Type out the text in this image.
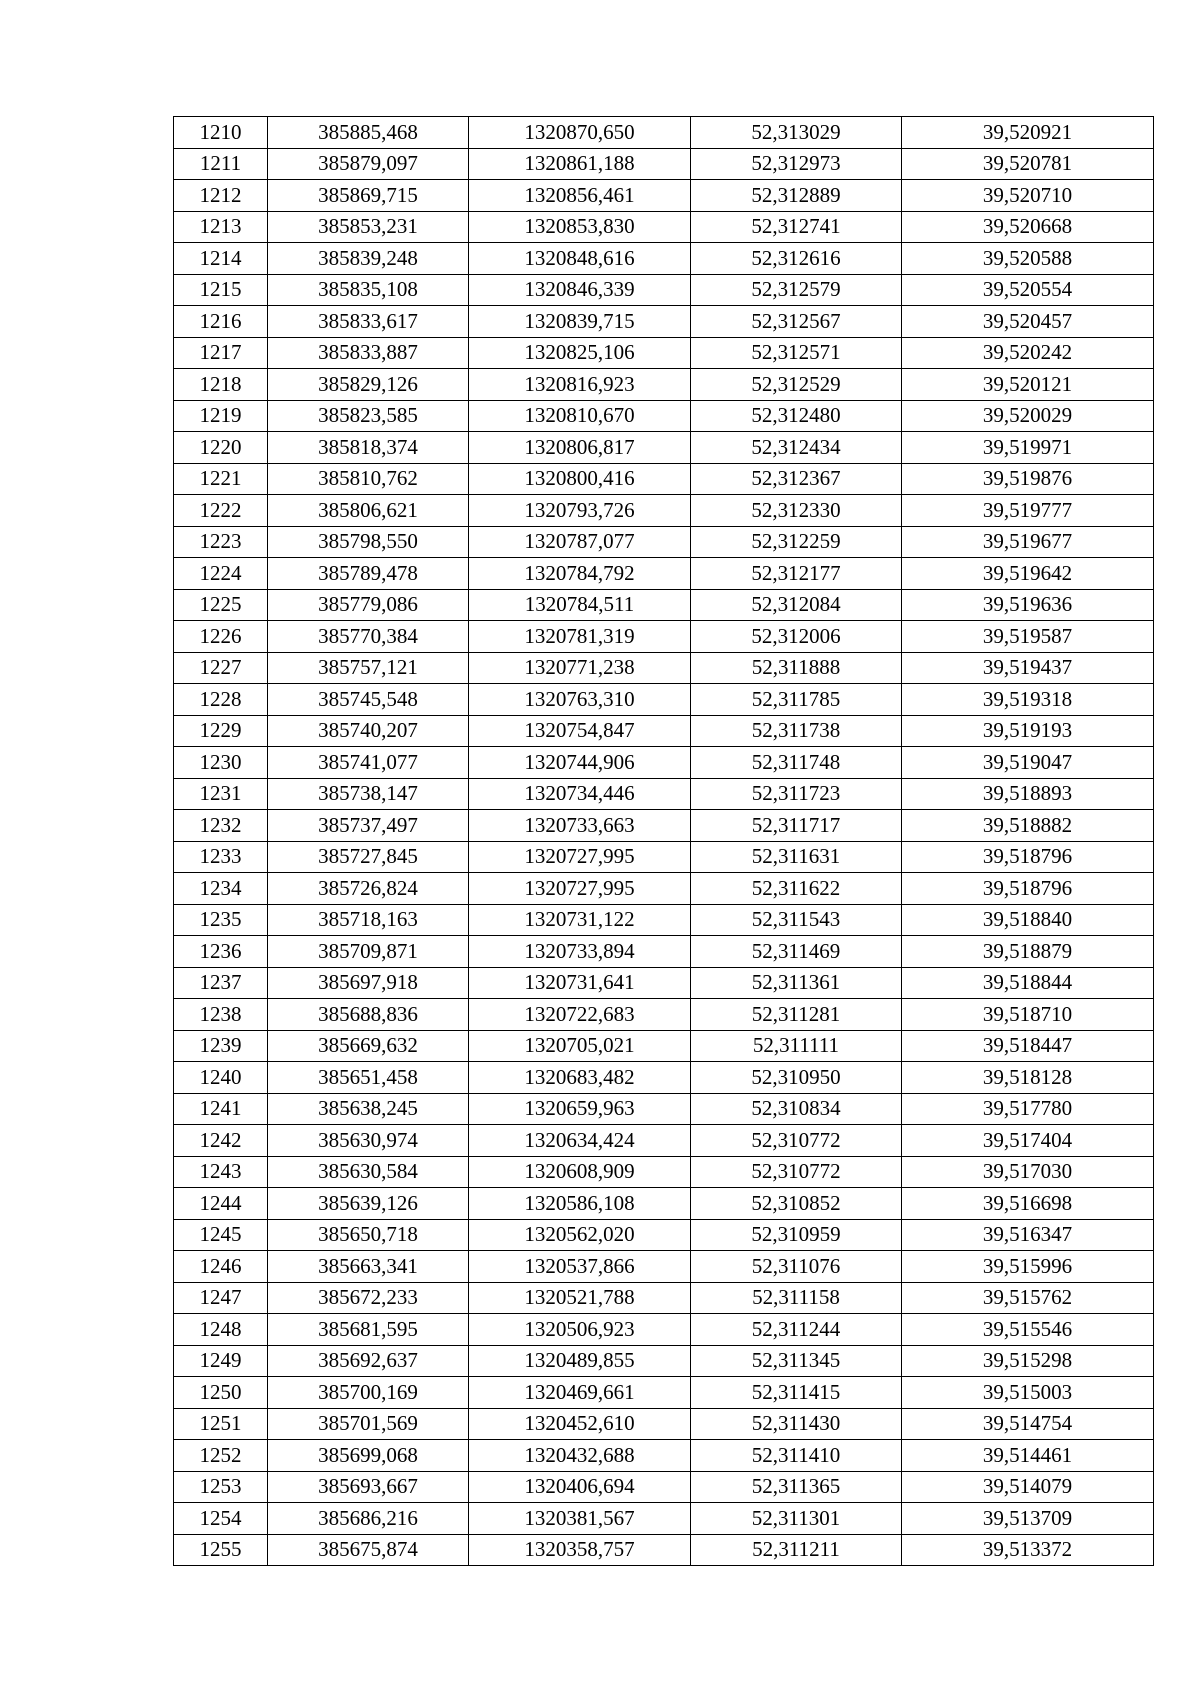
1210	385885,468	1320870,650	52,313029	39,520921
1211	385879,097	1320861,188	52,312973	39,520781
1212	385869,715	1320856,461	52,312889	39,520710
1213	385853,231	1320853,830	52,312741	39,520668
1214	385839,248	1320848,616	52,312616	39,520588
1215	385835,108	1320846,339	52,312579	39,520554
1216	385833,617	1320839,715	52,312567	39,520457
1217	385833,887	1320825,106	52,312571	39,520242
1218	385829,126	1320816,923	52,312529	39,520121
1219	385823,585	1320810,670	52,312480	39,520029
1220	385818,374	1320806,817	52,312434	39,519971
1221	385810,762	1320800,416	52,312367	39,519876
1222	385806,621	1320793,726	52,312330	39,519777
1223	385798,550	1320787,077	52,312259	39,519677
1224	385789,478	1320784,792	52,312177	39,519642
1225	385779,086	1320784,511	52,312084	39,519636
1226	385770,384	1320781,319	52,312006	39,519587
1227	385757,121	1320771,238	52,311888	39,519437
1228	385745,548	1320763,310	52,311785	39,519318
1229	385740,207	1320754,847	52,311738	39,519193
1230	385741,077	1320744,906	52,311748	39,519047
1231	385738,147	1320734,446	52,311723	39,518893
1232	385737,497	1320733,663	52,311717	39,518882
1233	385727,845	1320727,995	52,311631	39,518796
1234	385726,824	1320727,995	52,311622	39,518796
1235	385718,163	1320731,122	52,311543	39,518840
1236	385709,871	1320733,894	52,311469	39,518879
1237	385697,918	1320731,641	52,311361	39,518844
1238	385688,836	1320722,683	52,311281	39,518710
1239	385669,632	1320705,021	52,311111	39,518447
1240	385651,458	1320683,482	52,310950	39,518128
1241	385638,245	1320659,963	52,310834	39,517780
1242	385630,974	1320634,424	52,310772	39,517404
1243	385630,584	1320608,909	52,310772	39,517030
1244	385639,126	1320586,108	52,310852	39,516698
1245	385650,718	1320562,020	52,310959	39,516347
1246	385663,341	1320537,866	52,311076	39,515996
1247	385672,233	1320521,788	52,311158	39,515762
1248	385681,595	1320506,923	52,311244	39,515546
1249	385692,637	1320489,855	52,311345	39,515298
1250	385700,169	1320469,661	52,311415	39,515003
1251	385701,569	1320452,610	52,311430	39,514754
1252	385699,068	1320432,688	52,311410	39,514461
1253	385693,667	1320406,694	52,311365	39,514079
1254	385686,216	1320381,567	52,311301	39,513709
1255	385675,874	1320358,757	52,311211	39,513372
